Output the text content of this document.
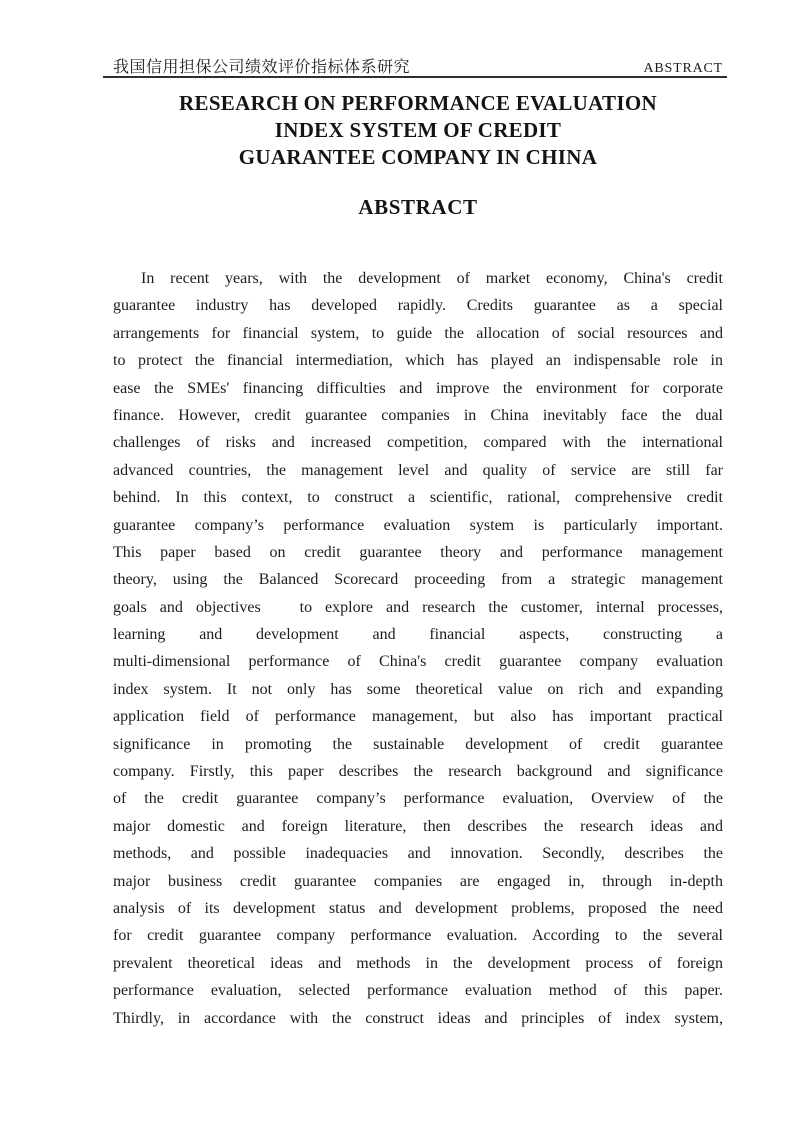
我国信用担保公司绩效评价指标体系研究	ABSTRACT
RESEARCH ON PERFORMANCE EVALUATION
INDEX SYSTEM OF CREDIT
GUARANTEE COMPANY IN CHINA
ABSTRACT
In recent years, with the development of market economy, China's credit
guarantee industry has developed rapidly. Credits guarantee as a special
arrangements for financial system, to guide the allocation of social resources and
to protect the financial intermediation, which has played an indispensable role in
ease the SMEs' financing difficulties and improve the environment for corporate
finance. However, credit guarantee companies in China inevitably face the dual
challenges of risks and increased competition, compared with the international
advanced countries, the management level and quality of service are still far
behind. In this context, to construct a scientific, rational, comprehensive credit
guarantee company’s performance evaluation system is particularly important.
This paper based on credit guarantee theory and performance management
theory, using the Balanced Scorecard proceeding from a strategic management
goals and objectives   to explore and research the customer, internal processes,
learning and development and financial aspects, constructing a
multi-dimensional performance of China's credit guarantee company evaluation
index system. It not only has some theoretical value on rich and expanding
application field of performance management, but also has important practical
significance in promoting the sustainable development of credit guarantee
company. Firstly, this paper describes the research background and significance
of the credit guarantee company’s performance evaluation, Overview of the
major domestic and foreign literature, then describes the research ideas and
methods, and possible inadequacies and innovation. Secondly, describes the
major business credit guarantee companies are engaged in, through in-depth
analysis of its development status and development problems, proposed the need
for credit guarantee company performance evaluation. According to the several
prevalent theoretical ideas and methods in the development process of foreign
performance evaluation, selected performance evaluation method of this paper.
Thirdly, in accordance with the construct ideas and principles of index system,
